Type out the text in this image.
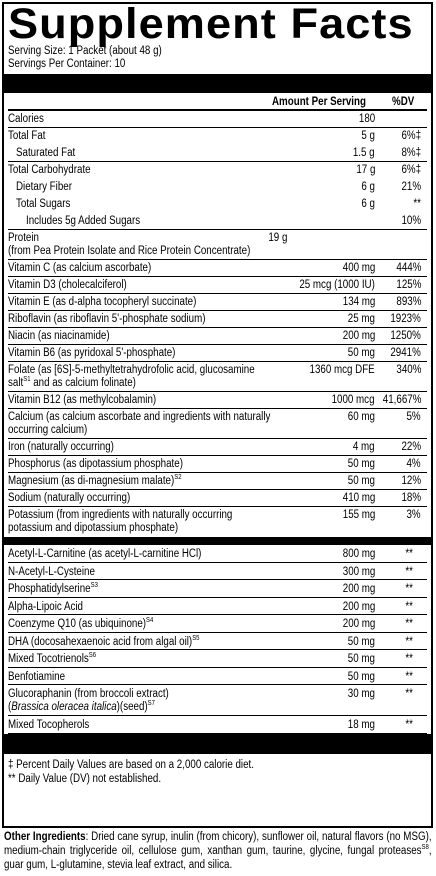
Supplement Facts
Serving Size: 1 Packet (about 48 g)
Servings Per Container: 10
Amount Per Serving %DV
Calories	180
Total Fat	5 g 6%‡
Saturated Fat	1.5 g 8%‡
Total Carbohydrate	17 g 6%‡
Dietary Fiber	6 g 21%
Total Sugars	6 g	**
Includes 5g Added Sugars	10%
Protein
(from Pea Protein Isolate and Rice Protein Concentrate)
19 g
Vitamin C (as calcium ascorbate)	400 mg 444%
Vitamin D3 (cholecalciferol)	25 mcg (1000 IU) 125%
Vitamin E (as d-alpha tocopheryl succinate)	134 mg 893%
Riboflavin (as riboflavin 5'-phosphate sodium)	25 mg 1923%
Niacin (as niacinamide)	200 mg 1250%
Vitamin B6 (as pyridoxal 5'-phosphate)	50 mg 2941%
Folate (as [6S]-5-methyltetrahydrofolic acid, glucosamine
salt$^{S1}$ and as calcium folinate)
1360 mcg DFE 340%
Vitamin B12 (as methylcobalamin)	1000 mcg 41,667%
Calcium (as calcium ascorbate and ingredients with naturally
occurring calcium)
60 mg	5%
Iron (naturally occurring)	4 mg 22%
Phosphorus (as dipotassium phosphate)	50 mg	4%
Magnesium (as di-magnesium malate)$^{S2}$	50 mg 12%
Sodium (naturally occurring)	410 mg 18%
Potassium (from ingredients with naturally occurring
potassium and dipotassium phosphate)
155 mg	3%
Acetyl-L-Carnitine (as acetyl-L-carnitine HCl)	800 mg	**
N-Acetyl-L-Cysteine	300 mg	**
Phosphatidylserine$^{S3}$	200 mg	**
Alpha-Lipoic Acid	200 mg	**
Coenzyme Q10 (as ubiquinone)$^{S4}$	200 mg	**
DHA (docosahexaenoic acid from algal oil)$^{S5}$	50 mg	**
Mixed Tocotrienols$^{S6}$	50 mg	**
Benfotiamine	50 mg	**
Glucoraphanin (from broccoli extract)
(Brassica oleracea italica)(seed)$^{S7}$
30 mg	**
Mixed Tocopherols	18 mg	**
‡ Percent Daily Values are based on a 2,000 calorie diet.
** Daily Value (DV) not established.
Other Ingredients: Dried cane syrup, inulin (from chicory), sunflower oil, natural flavors (no MSG), medium-chain triglyceride oil, cellulose gum, xanthan gum, taurine, glycine, fungal proteases$^{S8}$, guar gum, L-glutamine, stevia leaf extract, and silica.
